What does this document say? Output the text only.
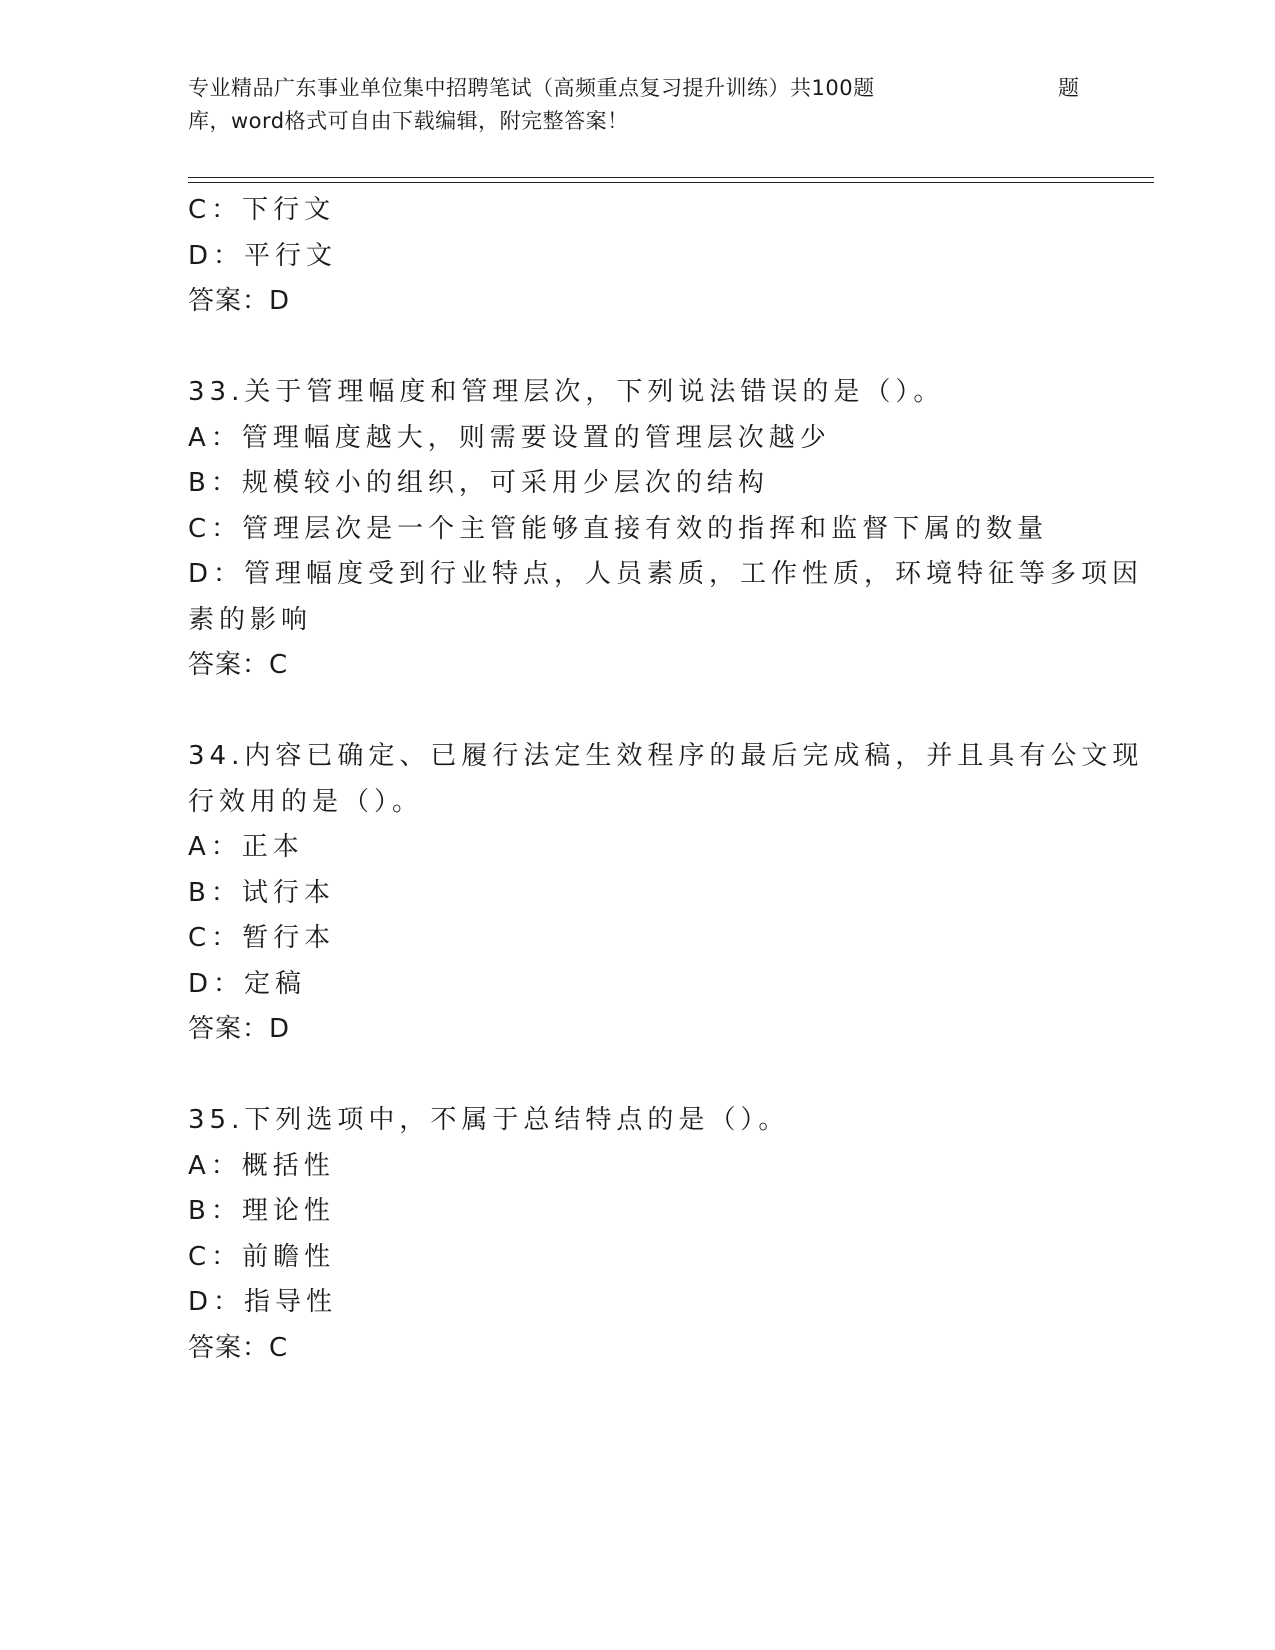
专业精品广东事业单位集中招聘笔试（高频重点复习提升训练）共100题	题
库，word格式可自由下载编辑，附完整答案！
C：下行文
D：平行文
答案：D
33.关于管理幅度和管理层次，下列说法错误的是（）。
A：管理幅度越大，则需要设置的管理层次越少
B：规模较小的组织，可采用少层次的结构
C：管理层次是一个主管能够直接有效的指挥和监督下属的数量
D：管理幅度受到行业特点，人员素质，工作性质，环境特征等多项因
素的影响
答案：C
34.内容已确定、已履行法定生效程序的最后完成稿，并且具有公文现
行效用的是（）。
A：正本
B：试行本
C：暂行本
D：定稿
答案：D
35.下列选项中，不属于总结特点的是（）。
A：概括性
B：理论性
C：前瞻性
D：指导性
答案：C
